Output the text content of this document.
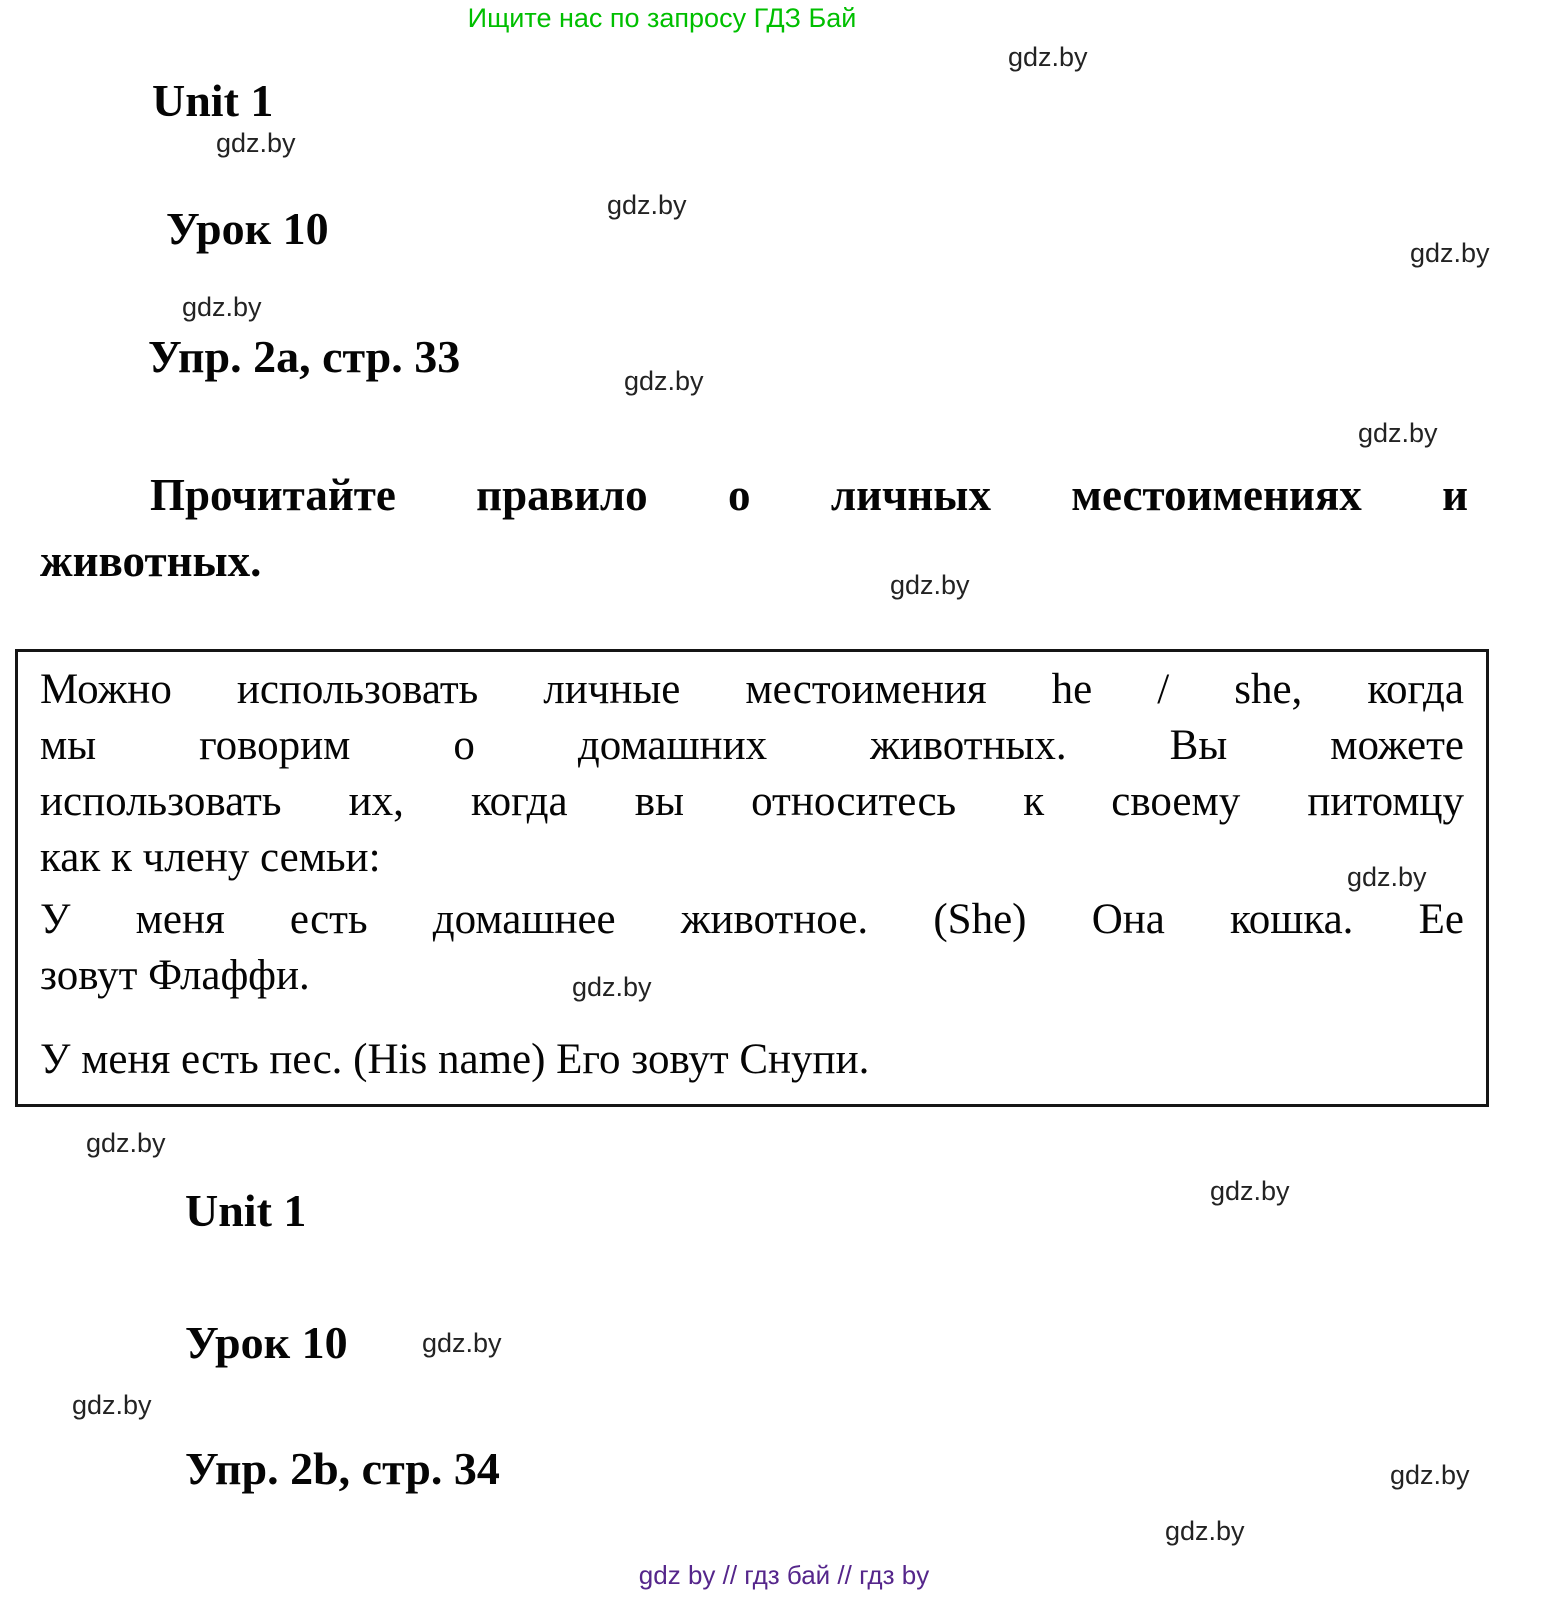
Ищите нас по запросу ГДЗ Бай
gdz.by
gdz.by
gdz.by
gdz.by
gdz.by
gdz.by
gdz.by
gdz.by
gdz.by
gdz.by
gdz.by
gdz.by
gdz.by
gdz.by
gdz.by
gdz.by
Unit 1
Урок 10
Упр. 2a, стр. 33
Прочитайте правило о личных местоимениях и
животных.
Можно использовать личные местоимения he / she, когда
мы говорим о домашних животных. Вы можете
использовать их, когда вы относитесь к своему питомцу
как к члену семьи:
У меня есть домашнее животное. (She) Она кошка. Ее
зовут Флаффи.
У меня есть пес. (His name) Его зовут Снупи.
Unit 1
Урок 10
Упр. 2b, стр. 34
gdz by // гдз бай // гдз by
